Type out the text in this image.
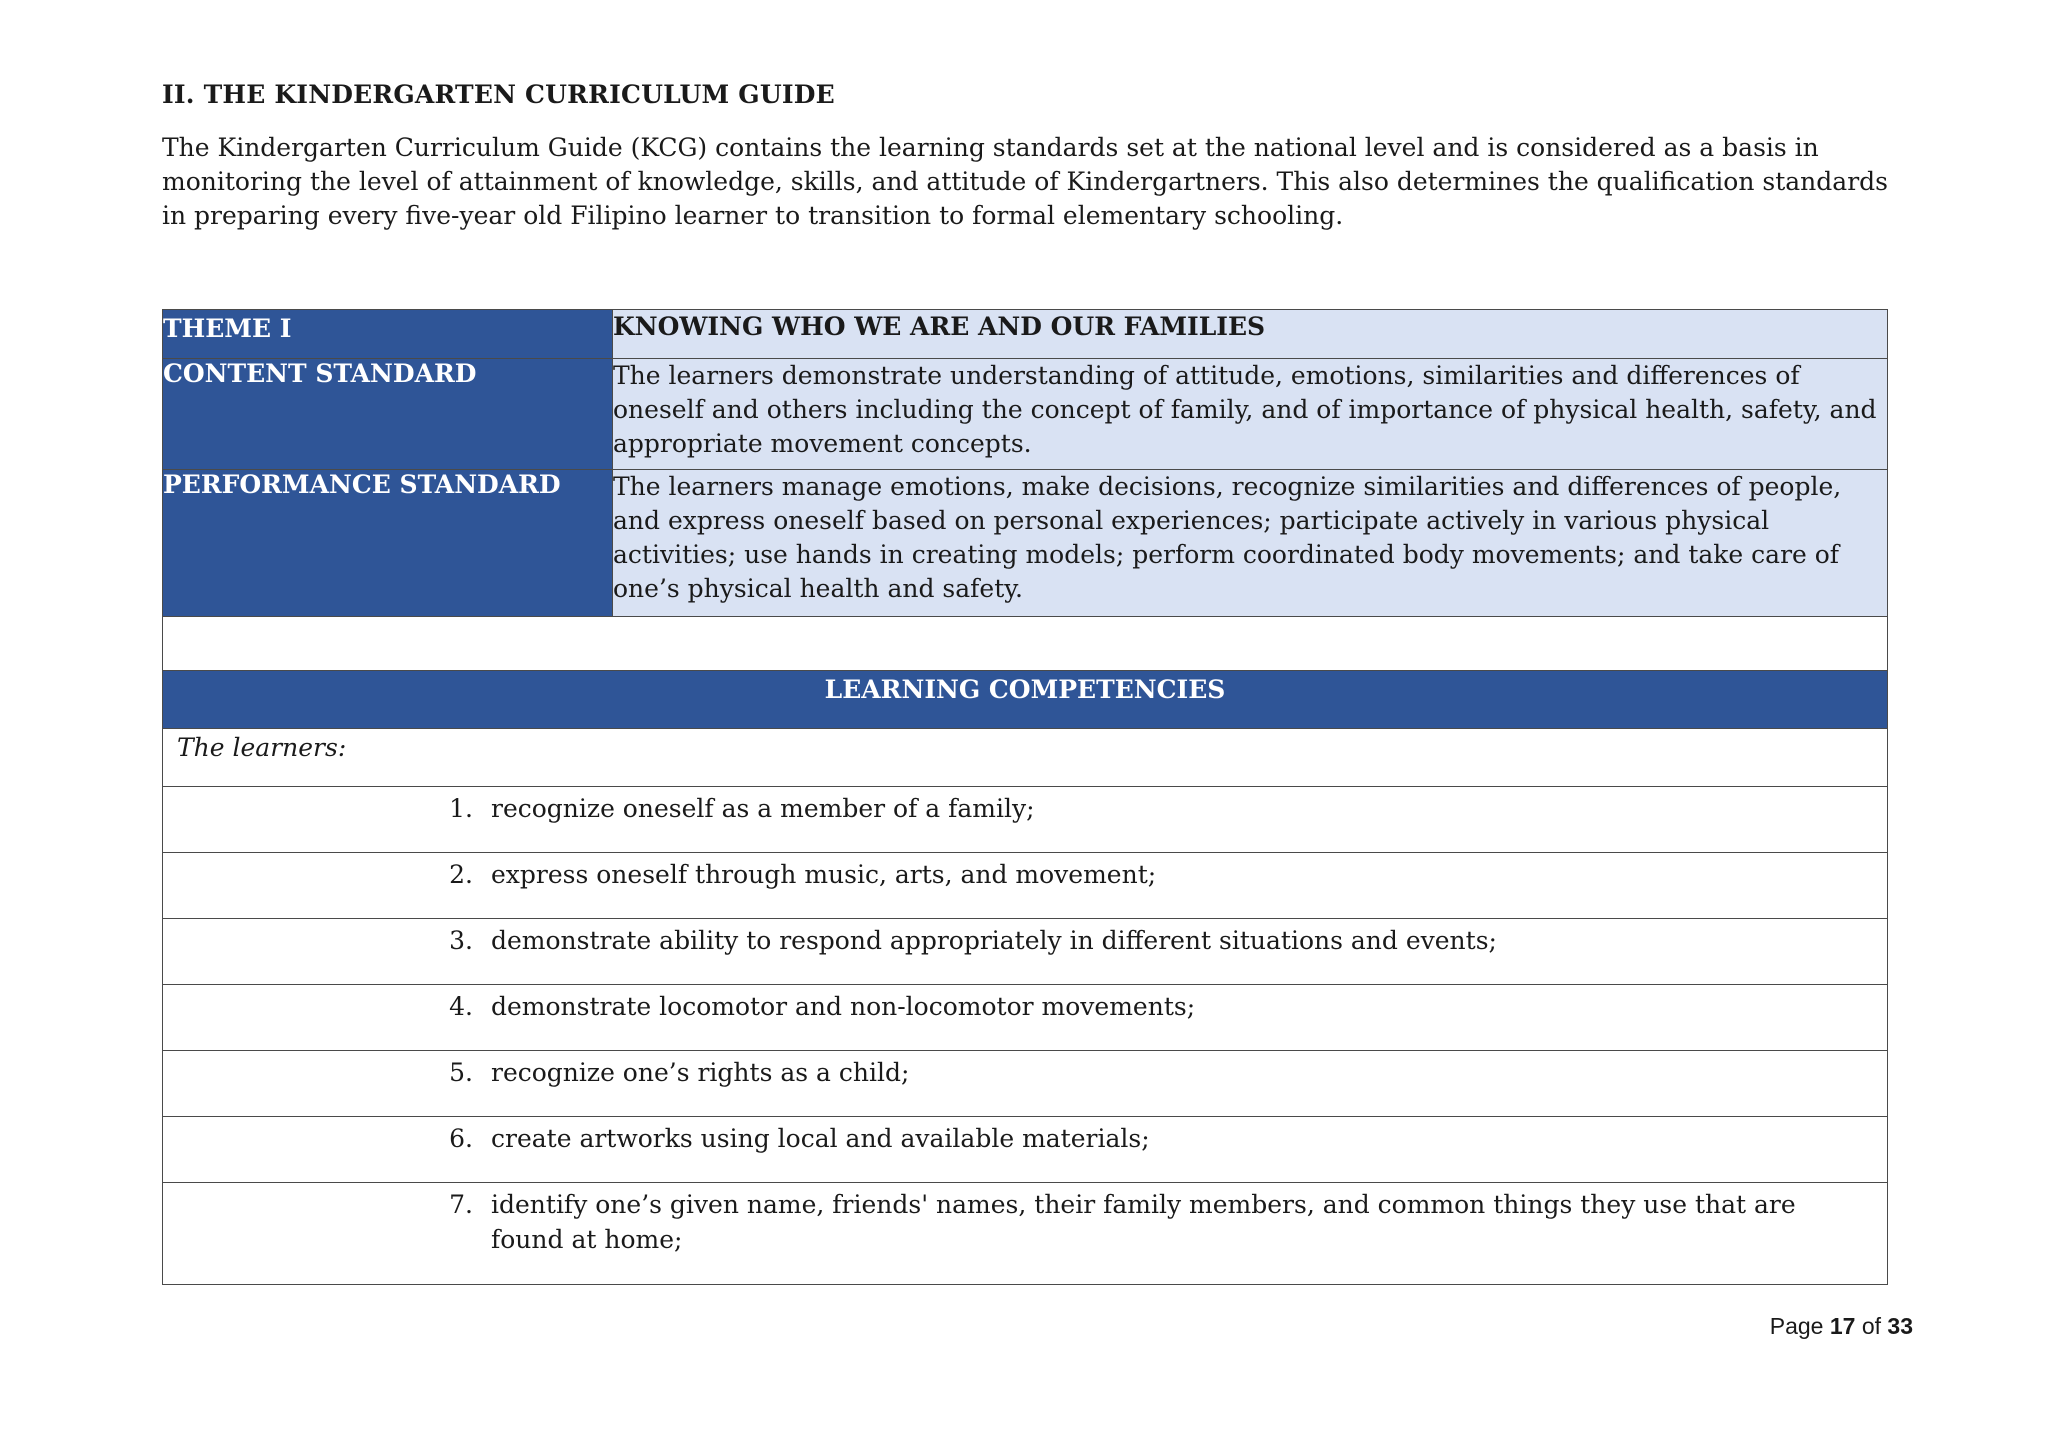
II. THE KINDERGARTEN CURRICULUM GUIDE
The Kindergarten Curriculum Guide (KCG) contains the learning standards set at the national level and is considered as a basis in monitoring the level of attainment of knowledge, skills, and attitude of Kindergartners. This also determines the qualification standards in preparing every five-year old Filipino learner to transition to formal elementary schooling.
THEME I	KNOWING WHO WE ARE AND OUR FAMILIES
CONTENT STANDARD	The learners demonstrate understanding of attitude, emotions, similarities and differences of oneself and others including the concept of family, and of importance of physical health, safety, and appropriate movement concepts.
PERFORMANCE STANDARD	The learners manage emotions, make decisions, recognize similarities and differences of people, and express oneself based on personal experiences; participate actively in various physical activities; use hands in creating models; perform coordinated body movements; and take care of one’s physical health and safety.

LEARNING COMPETENCIES	
The learners:	

1. recognize oneself as a member of a family;	

2. express oneself through music, arts, and movement;	

3. demonstrate ability to respond appropriately in different situations and events;	

4. demonstrate locomotor and non-locomotor movements;	

5. recognize one’s rights as a child;	

6. create artworks using local and available materials;	

7. identify one’s given name, friends' names, their family members, and common things they use that are found at home;	
Page 17 of 33
